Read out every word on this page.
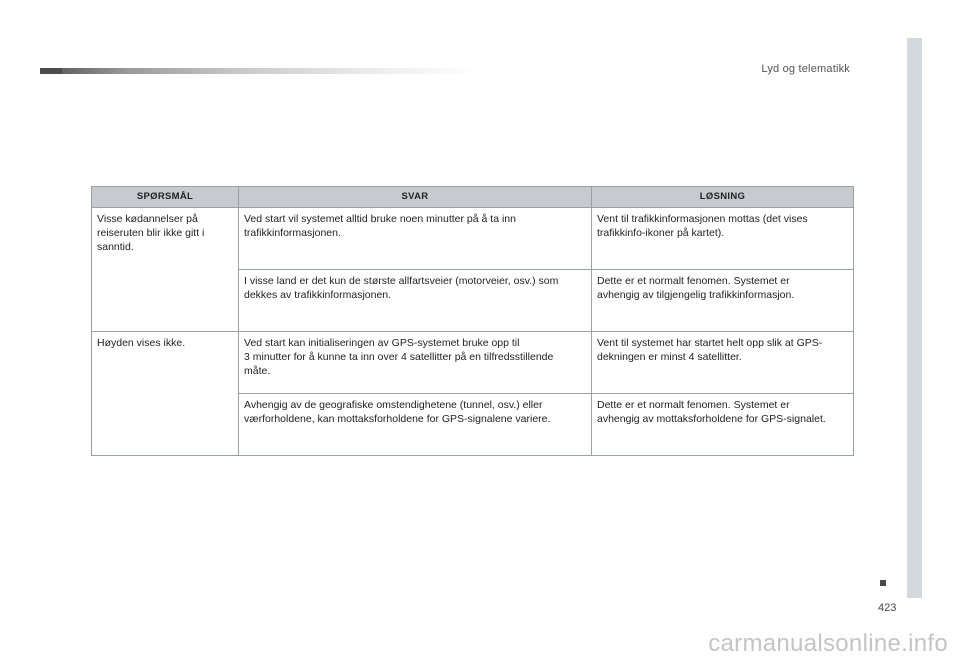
Lyd og telematikk
423
SPØRSMÅL	SVAR	LØSNING

Visse kødannelser på
reiseruten blir ikke gitt i
sanntid.	Ved start vil systemet alltid bruke noen minutter på å ta inn
trafikkinformasjonen.	Vent til trafikkinformasjonen mottas (det vises
trafikkinfo-ikoner på kartet).

	I visse land er det kun de største allfartsveier (motorveier, osv.) som
dekkes av trafikkinformasjonen.	Dette er et normalt fenomen. Systemet er
avhengig av tilgjengelig trafikkinformasjon.

Høyden vises ikke.	Ved start kan initialiseringen av GPS-systemet bruke opp til
3 minutter for å kunne ta inn over 4 satellitter på en tilfredsstillende
måte.	Vent til systemet har startet helt opp slik at GPS-
dekningen er minst 4 satellitter.

	Avhengig av de geografiske omstendighetene (tunnel, osv.) eller
værforholdene, kan mottaksforholdene for GPS-signalene variere.	Dette er et normalt fenomen. Systemet er
avhengig av mottaksforholdene for GPS-signalet.
carmanualsonline.info
